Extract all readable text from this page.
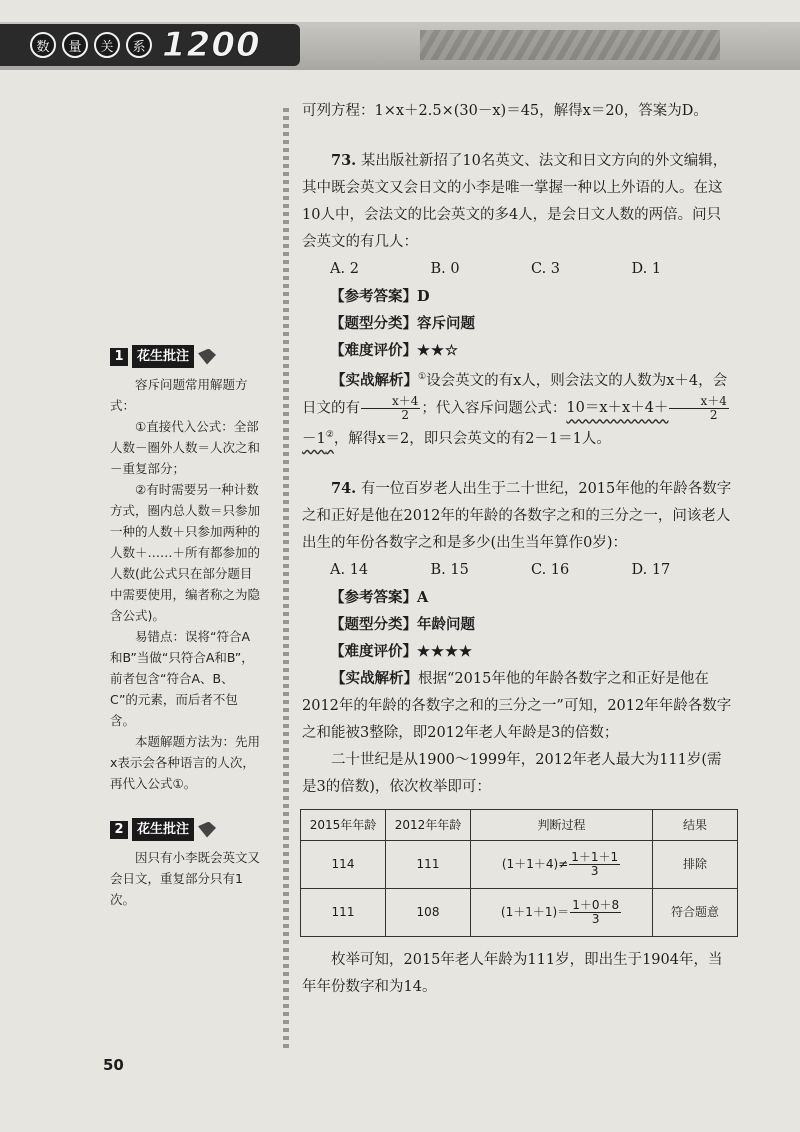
数	量	关	系 1200
1	花生批注

容斥问题常用解题方式：

①直接代入公式：全部人数－圈外人数＝人次之和－重复部分；

②有时需要另一种计数方式，圈内总人数＝只参加一种的人数＋只参加两种的人数＋……＋所有都参加的人数(此公式只在部分题目中需要使用，编者称之为隐含公式)。

易错点：误将“符合A和B”当做“只符合A和B”，前者包含“符合A、B、C”的元素，而后者不包含。

本题解题方法为：先用x表示会各种语言的人次，再代入公式①。

2	花生批注

因只有小李既会英文又会日文，重复部分只有1次。

可列方程：1×x＋2.5×(30－x)＝45，解得x＝20，答案为D。

73. 某出版社新招了10名英文、法文和日文方向的外文编辑，其中既会英文又会日文的小李是唯一掌握一种以上外语的人。在这10人中，会法文的比会英文的多4人，是会日文人数的两倍。问只会英文的有几人：

A. 2	B. 0	C. 3	D. 1

【参考答案】D

【题型分类】容斥问题

【难度评价】★★☆

【实战解析】①设会英文的有x人，则会法文的人数为x＋4，会日文的有 $\frac{x+4}{2}$ ；代入容斥问题公式：$10=x+x+4+ \frac{x+4}{2}$
－1②，解得x＝2，即只会英文的有2－1＝1人。

74. 有一位百岁老人出生于二十世纪，2015年他的年龄各数字之和正好是他在2012年的年龄的各数字之和的三分之一，问该老人出生的年份各数字之和是多少(出生当年算作0岁)：

A. 14	B. 15	C. 16	D. 17

【参考答案】A

【题型分类】年龄问题

【难度评价】★★★★

【实战解析】根据“2015年他的年龄各数字之和正好是他在2012年的年龄的各数字之和的三分之一”可知，2012年年龄各数字之和能被3整除，即2012年老人年龄是3的倍数；

二十世纪是从1900～1999年，2012年老人最大为111岁(需是3的倍数)，依次枚举即可：

2015年年龄	2012年年龄	判断过程	结果
114	111	$(1+1+4)\ne \frac{1+1+1}{3}$	排除
111	108	$(1+1+1)= \frac{1+0+8}{3}$	符合题意

枚举可知，2015年老人年龄为111岁，即出生于1904年，当年年份数字和为14。

50
